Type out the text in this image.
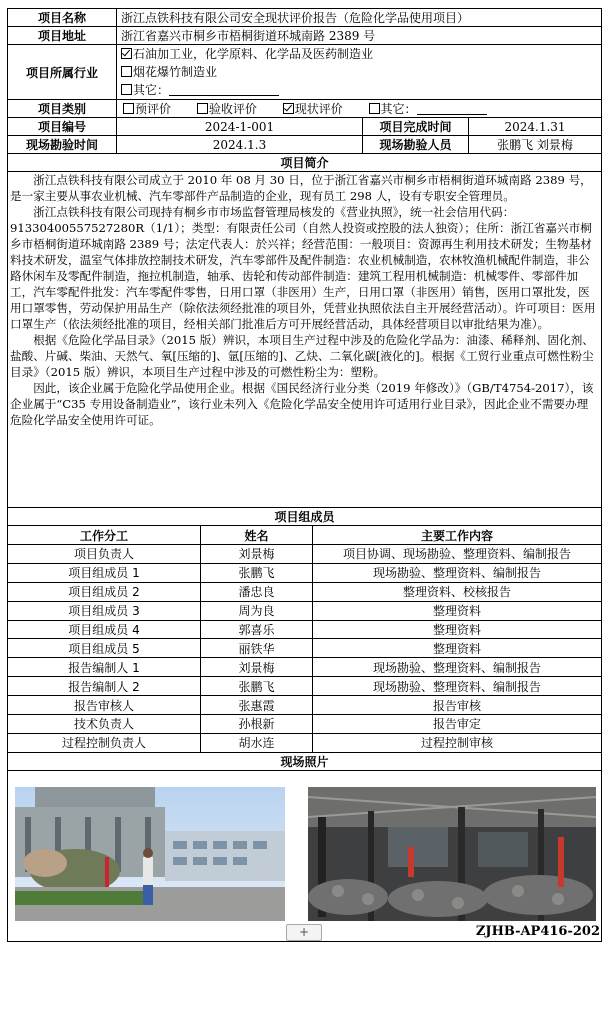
项目名称	浙江点铁科技有限公司安全现状评价报告（危险化学品使用项目）				
项目地址	浙江省嘉兴市桐乡市梧桐街道环城南路 2389 号				
项目所属行业	石油加工业，化学原料、化学品及医药制造业
烟花爆竹制造业
其它：				

项目类别	预评价 验收评价 现状评价 其它：				
项目编号	2024-1-001			项目完成时间	2024.1.31
现场勘验时间	2024.1.3			现场勘验人员	张鹏飞 刘景梅
项目简介					

浙江点铁科技有限公司成立于 2010 年 08 月 30 日，位于浙江省嘉兴市桐乡市梧桐街道环城南路 2389 号，是一家主要从事农业机械、汽车零部件产品制造的企业，现有员工 298 人，设有专职安全管理员。

浙江点铁科技有限公司现持有桐乡市市场监督管理局核发的《营业执照》，统一社会信用代码：91330400557527280R（1/1）；类型：有限责任公司（自然人投资或控股的法人独资）；住所：浙江省嘉兴市桐乡市梧桐街道环城南路 2389 号；法定代表人：於兴祥；经营范围：一般项目：资源再生利用技术研发；生物基材料技术研发，温室气体排放控制技术研发，汽车零部件及配件制造：农业机械制造，农林牧渔机械配件制造，非公路休闲车及零配件制造，拖拉机制造，轴承、齿轮和传动部件制造：建筑工程用机械制造：机械零件、零部件加工，汽车零配件批发：汽车零配件零售，日用口罩（非医用）生产，日用口罩（非医用）销售，医用口罩批发，医用口罩零售，劳动保护用品生产（除依法须经批准的项目外，凭营业执照依法自主开展经营活动）。许可项目：医用口罩生产（依法须经批准的项目，经相关部门批准后方可开展经营活动，具体经营项目以审批结果为准）。

根据《危险化学品目录》（2015 版）辨识，本项目生产过程中涉及的危险化学品为：油漆、稀释剂、固化剂、盐酸、片碱、柴油、天然气、氧[压缩的]、氩[压缩的]、乙炔、二氧化碳[液化的]。根据《工贸行业重点可燃性粉尘目录》（2015 版）辨识，本项目生产过程中涉及的可燃性粉尘为：塑粉。

因此，该企业属于危险化学品使用企业。根据《国民经济行业分类（2019 年修改）》（GB/T4754-2017），该企业属于“C35 专用设备制造业”，该行业未列入《危险化学品安全使用许可适用行业目录》，因此企业不需要办理危险化学品安全使用许可证。					

项目组成员					
工作分工		姓名	主要工作内容		
项目负责人		刘景梅	项目协调、现场勘验、整理资料、编制报告		
项目组成员 1		张鹏飞	现场勘验、整理资料、编制报告		
项目组成员 2		潘忠良	整理资料、校核报告		
项目组成员 3		周为良	整理资料		
项目组成员 4		郭喜乐	整理资料		
项目组成员 5		丽铁华	整理资料		
报告编制人 1		刘景梅	现场勘验、整理资料、编制报告		
报告编制人 2		张鹏飞	现场勘验、整理资料、编制报告		
报告审核人		张惠霞	报告审核		
技术负责人		孙根新	报告审定		
过程控制负责人		胡水连	过程控制审核		
现场照片					

+	ZJHB-AP416-202
